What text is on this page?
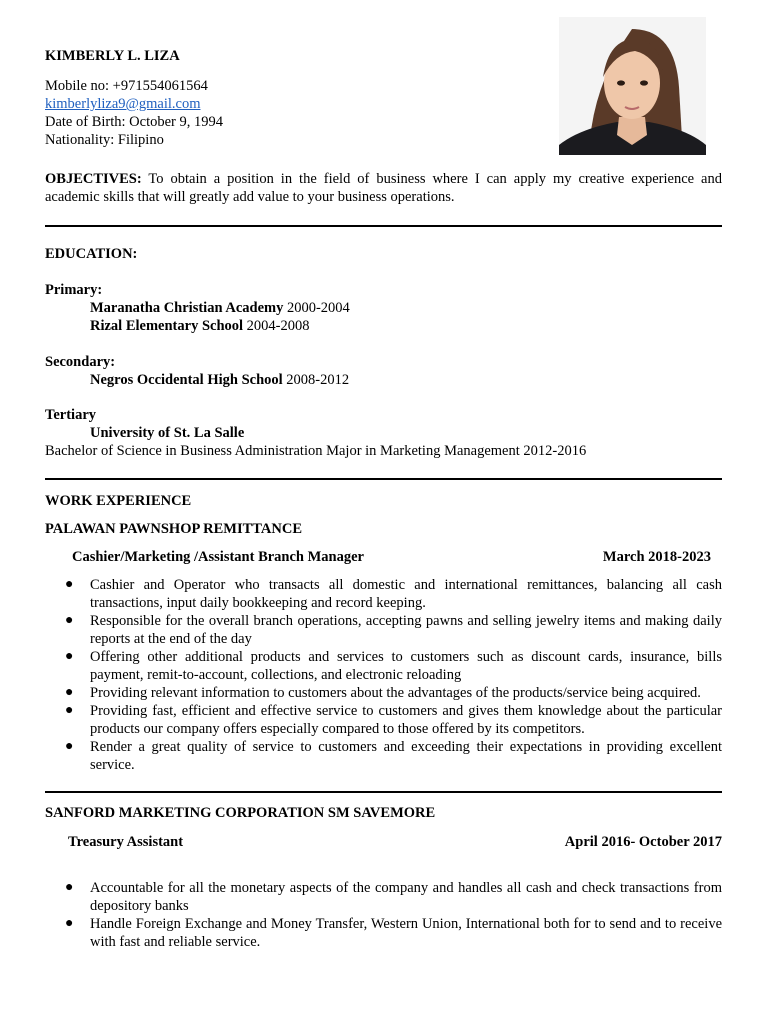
KIMBERLY L. LIZA
Mobile no: +971554061564
kimberlyliza9@gmail.com
Date of Birth: October 9, 1994
Nationality: Filipino
OBJECTIVES: To obtain a position in the field of business where I can apply my creative experience and academic skills that will greatly add value to your business operations.
EDUCATION:
Primary:
Maranatha Christian Academy 2000-2004
Rizal Elementary School 2004-2008
Secondary:
Negros Occidental High School 2008-2012
Tertiary
University of St. La Salle
Bachelor of Science in Business Administration Major in Marketing Management 2012-2016
WORK EXPERIENCE
PALAWAN PAWNSHOP REMITTANCE
Cashier/Marketing /Assistant Branch Manager	March 2018-2023
● Cashier and Operator who transacts all domestic and international remittances, balancing all cash transactions, input daily bookkeeping and record keeping.
● Responsible for the overall branch operations, accepting pawns and selling jewelry items and making daily reports at the end of the day
● Offering other additional products and services to customers such as discount cards, insurance, bills payment, remit-to-account, collections, and electronic reloading
● Providing relevant information to customers about the advantages of the products/service being acquired.
● Providing fast, efficient and effective service to customers and gives them knowledge about the particular products our company offers especially compared to those offered by its competitors.
● Render a great quality of service to customers and exceeding their expectations in providing excellent service.
SANFORD MARKETING CORPORATION SM SAVEMORE
Treasury Assistant	April 2016- October 2017
● Accountable for all the monetary aspects of the company and handles all cash and check transactions from depository banks
● Handle Foreign Exchange and Money Transfer, Western Union, International both for to send and to receive with fast and reliable service.
